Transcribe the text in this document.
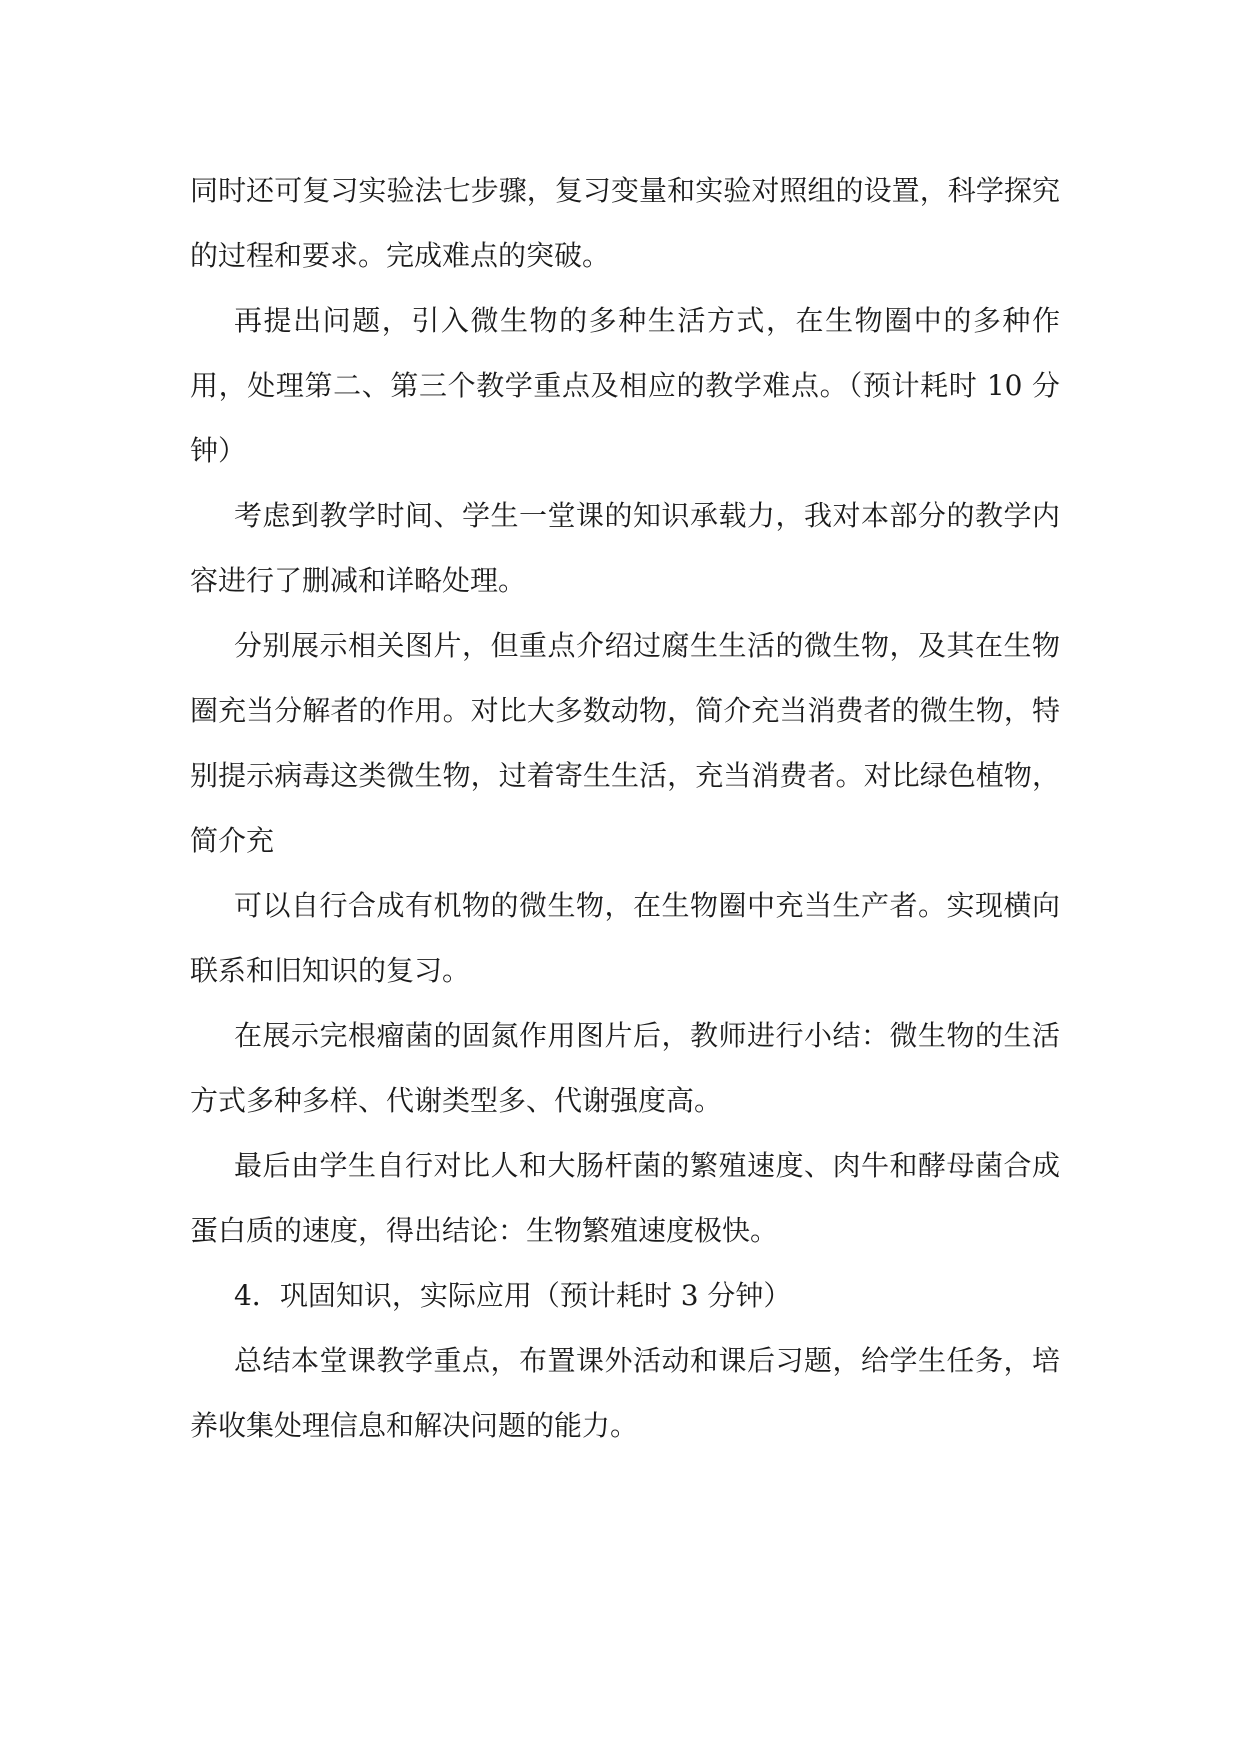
同时还可复习实验法七步骤，复习变量和实验对照组的设置，科学探究的过程和要求。完成难点的突破。

再提出问题，引入微生物的多种生活方式，在生物圈中的多种作用，处理第二、第三个教学重点及相应的教学难点。（预计耗时 10 分钟）

考虑到教学时间、学生一堂课的知识承载力，我对本部分的教学内容进行了删减和详略处理。

分别展示相关图片，但重点介绍过腐生生活的微生物，及其在生物圈充当分解者的作用。对比大多数动物，简介充当消费者的微生物，特别提示病毒这类微生物，过着寄生生活，充当消费者。对比绿色植物，简介充

可以自行合成有机物的微生物，在生物圈中充当生产者。实现横向联系和旧知识的复习。

在展示完根瘤菌的固氮作用图片后，教师进行小结：微生物的生活方式多种多样、代谢类型多、代谢强度高。

最后由学生自行对比人和大肠杆菌的繁殖速度、肉牛和酵母菌合成蛋白质的速度，得出结论：生物繁殖速度极快。

4．巩固知识，实际应用（预计耗时 3 分钟）

总结本堂课教学重点，布置课外活动和课后习题，给学生任务，培养收集处理信息和解决问题的能力。
